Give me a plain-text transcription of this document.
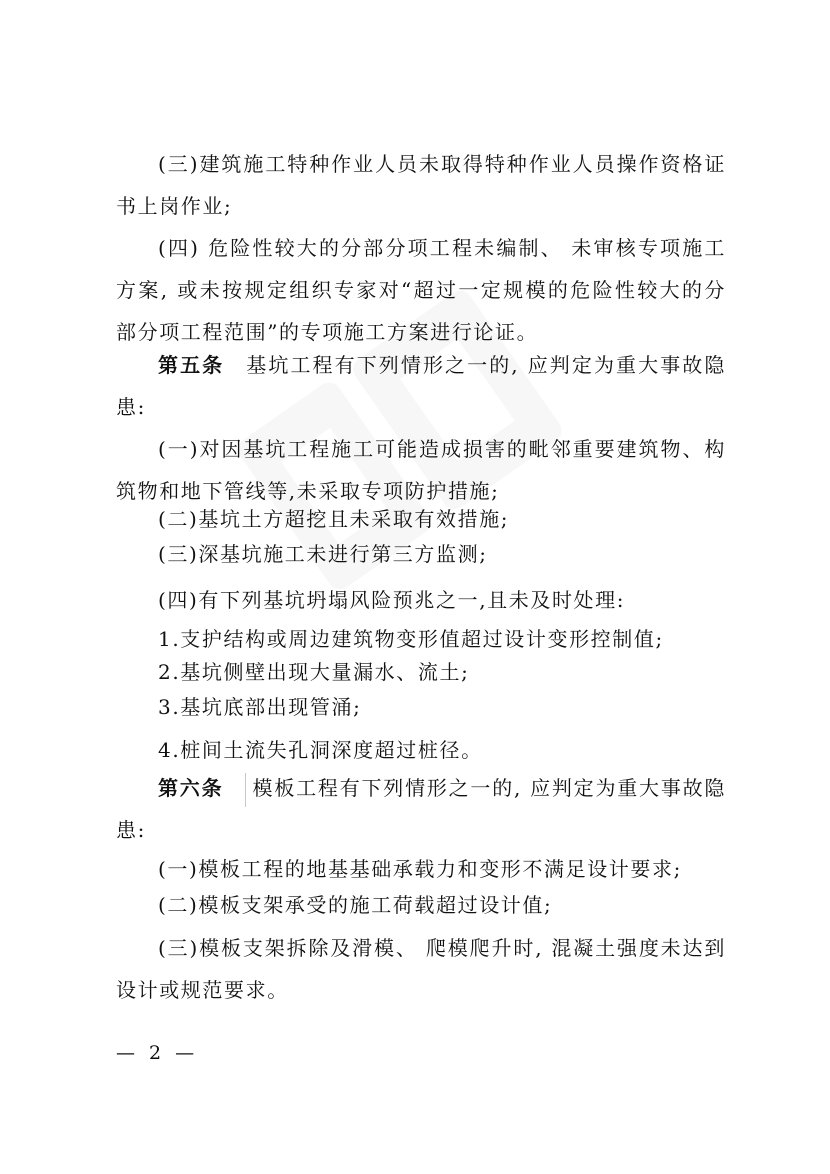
(三)建筑施工特种作业人员未取得特种作业人员操作资格证书上岗作业;

(四) 危险性较大的分部分项工程未编制、 未审核专项施工方案, 或未按规定组织专家对“超过一定规模的危险性较大的分部分项工程范围”的专项施工方案进行论证。

第五条 基坑工程有下列情形之一的, 应判定为重大事故隐患:

(一)对因基坑工程施工可能造成损害的毗邻重要建筑物、构筑物和地下管线等,未采取专项防护措施;

(二)基坑土方超挖且未采取有效措施;

(三)深基坑施工未进行第三方监测;

(四)有下列基坑坍塌风险预兆之一,且未及时处理:

1.支护结构或周边建筑物变形值超过设计变形控制值;

2.基坑侧壁出现大量漏水、流土;

3.基坑底部出现管涌;

4.桩间土流失孔洞深度超过桩径。

第六条 模板工程有下列情形之一的, 应判定为重大事故隐患:

(一)模板工程的地基基础承载力和变形不满足设计要求;

(二)模板支架承受的施工荷载超过设计值;

(三)模板支架拆除及滑模、 爬模爬升时, 混凝土强度未达到设计或规范要求。

— 2 —
